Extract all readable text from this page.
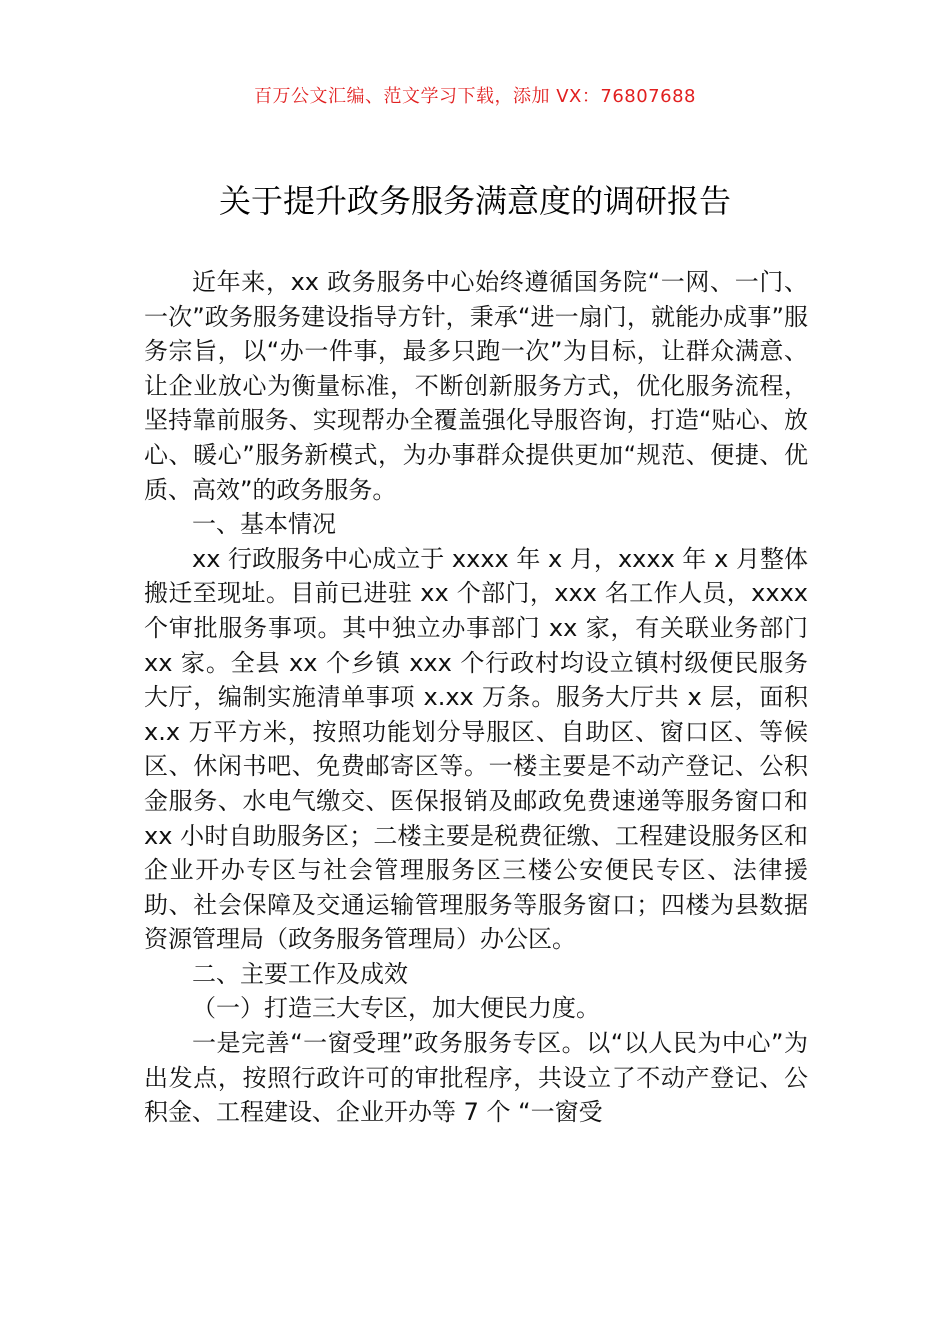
百万公文汇编、范文学习下载，添加 VX：76807688
关于提升政务服务满意度的调研报告

近年来，xx 政务服务中心始终遵循国务院“一网、一门、一次”政务服务建设指导方针，秉承“进一扇门，就能办成事”服务宗旨，以“办一件事，最多只跑一次”为目标，让群众满意、让企业放心为衡量标准，不断创新服务方式，优化服务流程，坚持靠前服务、实现帮办全覆盖强化导服咨询，打造“贴心、放心、暖心”服务新模式，为办事群众提供更加“规范、便捷、优质、高效”的政务服务。

一、基本情况

xx 行政服务中心成立于 xxxx 年 x 月，xxxx 年 x 月整体搬迁至现址。目前已进驻 xx 个部门，xxx 名工作人员，xxxx 个审批服务事项。其中独立办事部门 xx 家，有关联业务部门 xx 家。全县 xx 个乡镇 xxx 个行政村均设立镇村级便民服务大厅，编制实施清单事项 x.xx 万条。服务大厅共 x 层，面积 x.x 万平方米，按照功能划分导服区、自助区、窗口区、等候区、休闲书吧、免费邮寄区等。一楼主要是不动产登记、公积金服务、水电气缴交、医保报销及邮政免费速递等服务窗口和 xx 小时自助服务区；二楼主要是税费征缴、工程建设服务区和企业开办专区与社会管理服务区三楼公安便民专区、法律援助、社会保障及交通运输管理服务等服务窗口；四楼为县数据资源管理局（政务服务管理局）办公区。

二、主要工作及成效

（一）打造三大专区，加大便民力度。

一是完善“一窗受理”政务服务专区。以“以人民为中心”为出发点，按照行政许可的审批程序，共设立了不动产登记、公积金、工程建设、企业开办等 7 个 “一窗受
